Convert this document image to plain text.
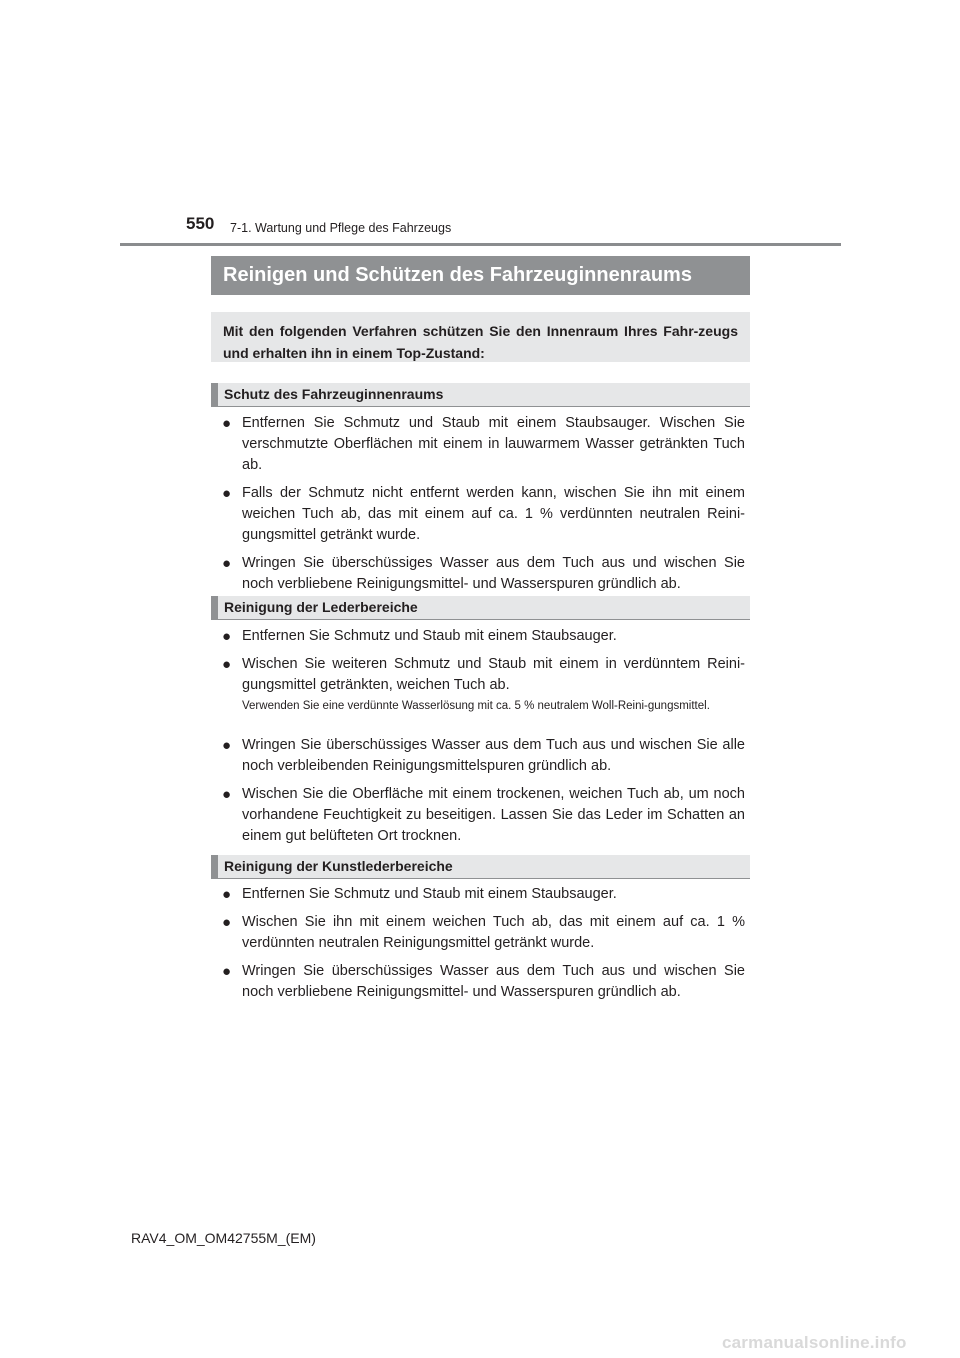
550 7-1. Wartung und Pflege des Fahrzeugs
Reinigen und Schützen des Fahrzeuginnenraums
Mit den folgenden Verfahren schützen Sie den Innenraum Ihres Fahr-zeugs und erhalten ihn in einem Top-Zustand:
Schutz des Fahrzeuginnenraums
● Entfernen Sie Schmutz und Staub mit einem Staubsauger. Wischen Sie verschmutzte Oberflächen mit einem in lauwarmem Wasser getränkten Tuch ab.
● Falls der Schmutz nicht entfernt werden kann, wischen Sie ihn mit einem weichen Tuch ab, das mit einem auf ca. 1 % verdünnten neutralen Reini-gungsmittel getränkt wurde.
● Wringen Sie überschüssiges Wasser aus dem Tuch aus und wischen Sie noch verbliebene Reinigungsmittel- und Wasserspuren gründlich ab.
Reinigung der Lederbereiche
● Entfernen Sie Schmutz und Staub mit einem Staubsauger.
● Wischen Sie weiteren Schmutz und Staub mit einem in verdünntem Reini-gungsmittel getränkten, weichen Tuch ab.
Verwenden Sie eine verdünnte Wasserlösung mit ca. 5 % neutralem Woll-Reini-gungsmittel.
● Wringen Sie überschüssiges Wasser aus dem Tuch aus und wischen Sie alle noch verbleibenden Reinigungsmittelspuren gründlich ab.
● Wischen Sie die Oberfläche mit einem trockenen, weichen Tuch ab, um noch vorhandene Feuchtigkeit zu beseitigen. Lassen Sie das Leder im Schatten an einem gut belüfteten Ort trocknen.
Reinigung der Kunstlederbereiche
● Entfernen Sie Schmutz und Staub mit einem Staubsauger.
● Wischen Sie ihn mit einem weichen Tuch ab, das mit einem auf ca. 1 % verdünnten neutralen Reinigungsmittel getränkt wurde.
● Wringen Sie überschüssiges Wasser aus dem Tuch aus und wischen Sie noch verbliebene Reinigungsmittel- und Wasserspuren gründlich ab.
RAV4_OM_OM42755M_(EM)
carmanualsonline.info
